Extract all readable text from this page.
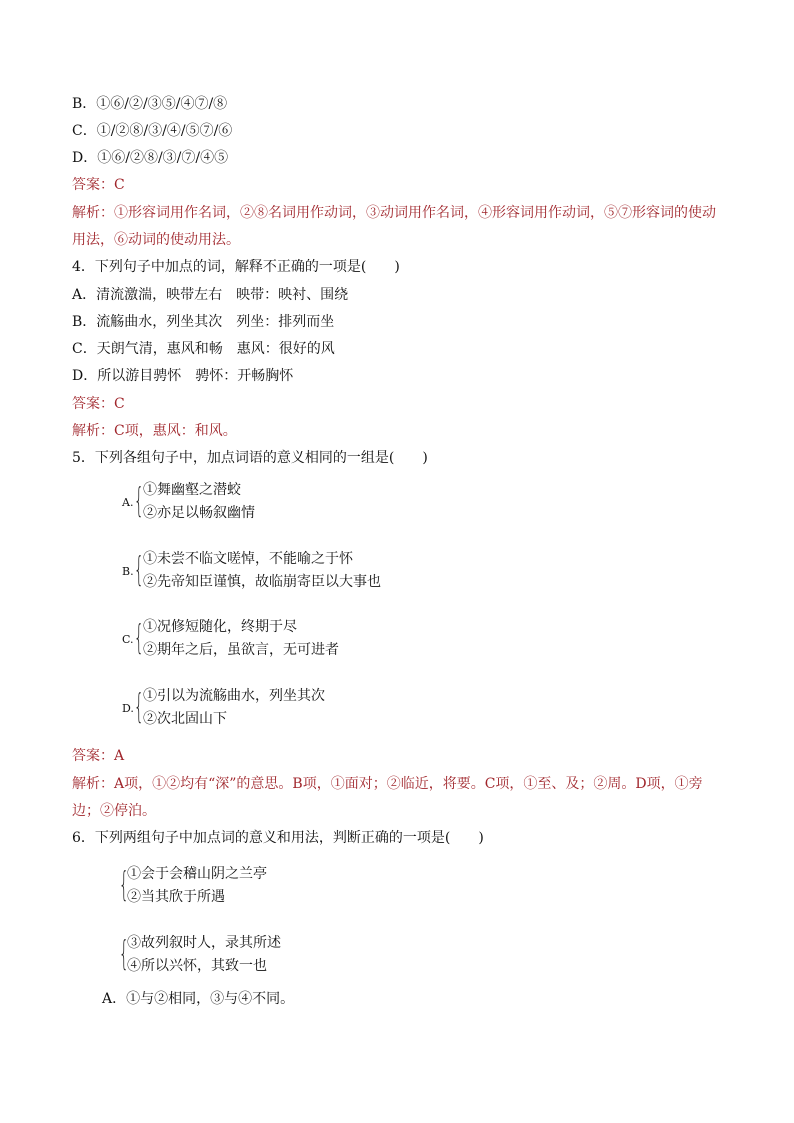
B．①⑥/②/③⑤/④⑦/⑧
C．①/②⑧/③/④/⑤⑦/⑥
D．①⑥/②⑧/③/⑦/④⑤
答案：C
解析：①形容词用作名词，②⑧名词用作动词，③动词用作名词，④形容词用作动词，⑤⑦形容词的使动
用法，⑥动词的使动用法。
4．下列句子中加点的词，解释不正确的一项是(　　)
A．清流激湍，映带左右　映带：映衬、围绕
B．流觞曲水，列坐其次　列坐：排列而坐
C．天朗气清，惠风和畅　惠风：很好的风
D．所以游目骋怀　骋怀：开畅胸怀
答案：C
解析：C项，惠风：和风。
5．下列各组句子中，加点词语的意义相同的一组是(　　)
A. { ①舞幽壑之潜蛟
②亦足以畅叙幽情
B. { ①未尝不临文嗟悼，不能喻之于怀
②先帝知臣谨慎，故临崩寄臣以大事也
C. { ①况修短随化，终期于尽
②期年之后，虽欲言，无可进者
D. { ①引以为流觞曲水，列坐其次
②次北固山下
答案：A
解析：A项，①②均有“深”的意思。B项，①面对；②临近，将要。C项，①至、及；②周。D项，①旁
边；②停泊。
6．下列两组句子中加点词的意义和用法，判断正确的一项是(　　)
{
①会于会稽山阴之兰亭
②当其欣于所遇
{
③故列叙时人，录其所述
④所以兴怀，其致一也
A．①与②相同，③与④不同。
